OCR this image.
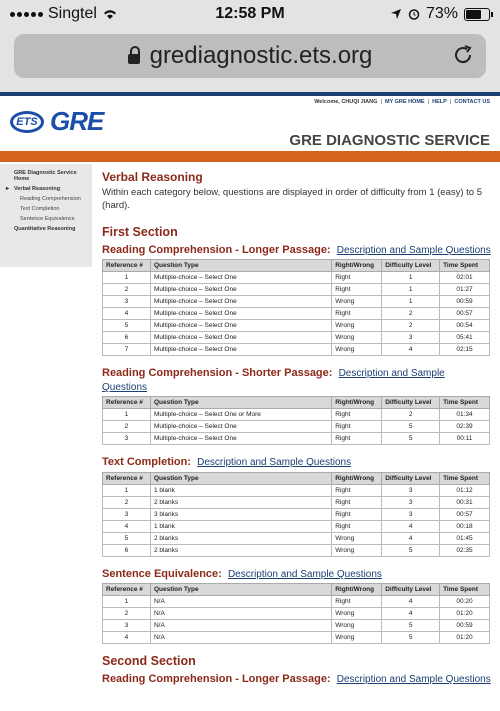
Singtel	12:58 PM	73%
grediagnostic.ets.org
Welcome, CHUQI JIANG  |  MY GRE HOME  |  HELP  |  CONTACT US
ETS GRE
GRE DIAGNOSTIC SERVICE
GRE Diagnostic Service Home
▸ Verbal Reasoning
Reading Comprehension
Text Completion
Sentence Equivalence
Quantitative Reasoning
Verbal Reasoning

Within each category below, questions are displayed in order of difficulty from 1 (easy) to 5 (hard).

First Section

Reading Comprehension - Longer Passage: Description and Sample Questions

Reference #	Question Type	Right/Wrong	Difficulty Level	Time Spent
1	Multiple-choice – Select One	Right	1	02:01
2	Multiple-choice – Select One	Right	1	01:27
3	Multiple-choice – Select One	Wrong	1	00:59
4	Multiple-choice – Select One	Right	2	00:57
5	Multiple-choice – Select One	Wrong	2	00:54
6	Multiple-choice – Select One	Wrong	3	05:41
7	Multiple-choice – Select One	Wrong	4	02:15

Reading Comprehension - Shorter Passage: Description and Sample Questions

Reference #	Question Type	Right/Wrong	Difficulty Level	Time Spent
1	Multiple-choice – Select One or More	Right	2	01:34
2	Multiple-choice – Select One	Right	5	02:39
3	Multiple-choice – Select One	Right	5	00:11

Text Completion: Description and Sample Questions

Reference #	Question Type	Right/Wrong	Difficulty Level	Time Spent
1	1 blank	Right	3	01:12
2	2 blanks	Right	3	00:31
3	3 blanks	Right	3	00:57
4	1 blank	Right	4	00:18
5	2 blanks	Wrong	4	01:45
6	2 blanks	Wrong	5	02:35

Sentence Equivalence: Description and Sample Questions

Reference #	Question Type	Right/Wrong	Difficulty Level	Time Spent
1	N/A	Right	4	00:20
2	N/A	Wrong	4	01:20
3	N/A	Wrong	5	00:59
4	N/A	Wrong	5	01:20
Second Section

Reading Comprehension - Longer Passage: Description and Sample Questions
